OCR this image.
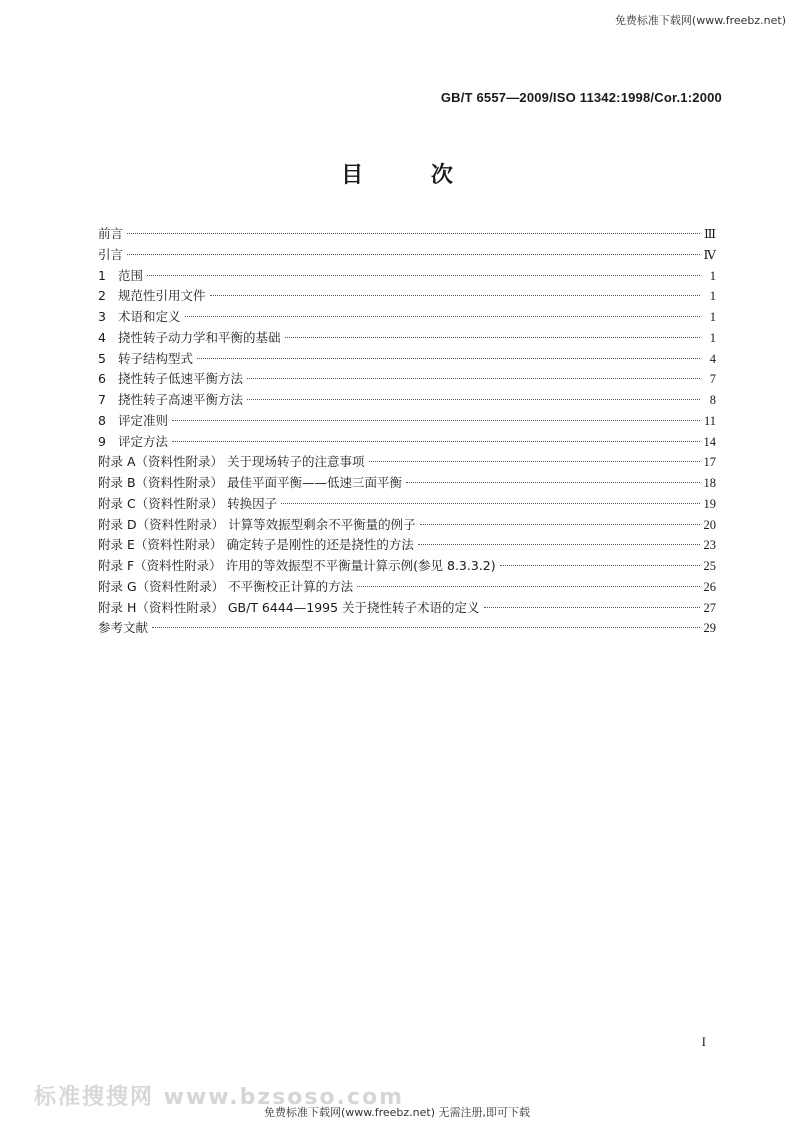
免费标准下载网(www.freebz.net)
GB/T 6557—2009/ISO 11342:1998/Cor.1:2000
目 次
前言	Ⅲ
引言	Ⅳ
1 范围	1
2 规范性引用文件	1
3 术语和定义	1
4 挠性转子动力学和平衡的基础	1
5 转子结构型式	4
6 挠性转子低速平衡方法	7
7 挠性转子高速平衡方法	8
8 评定准则	11
9 评定方法	14
附录 A（资料性附录） 关于现场转子的注意事项	17
附录 B（资料性附录） 最佳平面平衡——低速三面平衡	18
附录 C（资料性附录） 转换因子	19
附录 D（资料性附录） 计算等效振型剩余不平衡量的例子	20
附录 E（资料性附录） 确定转子是刚性的还是挠性的方法	23
附录 F（资料性附录） 许用的等效振型不平衡量计算示例(参见 8.3.3.2)	25
附录 G（资料性附录） 不平衡校正计算的方法	26
附录 H（资料性附录） GB/T 6444—1995 关于挠性转子术语的定义	27
参考文献	29
I
标准搜搜网 www.bzsoso.com
免费标准下载网(www.freebz.net) 无需注册,即可下载
